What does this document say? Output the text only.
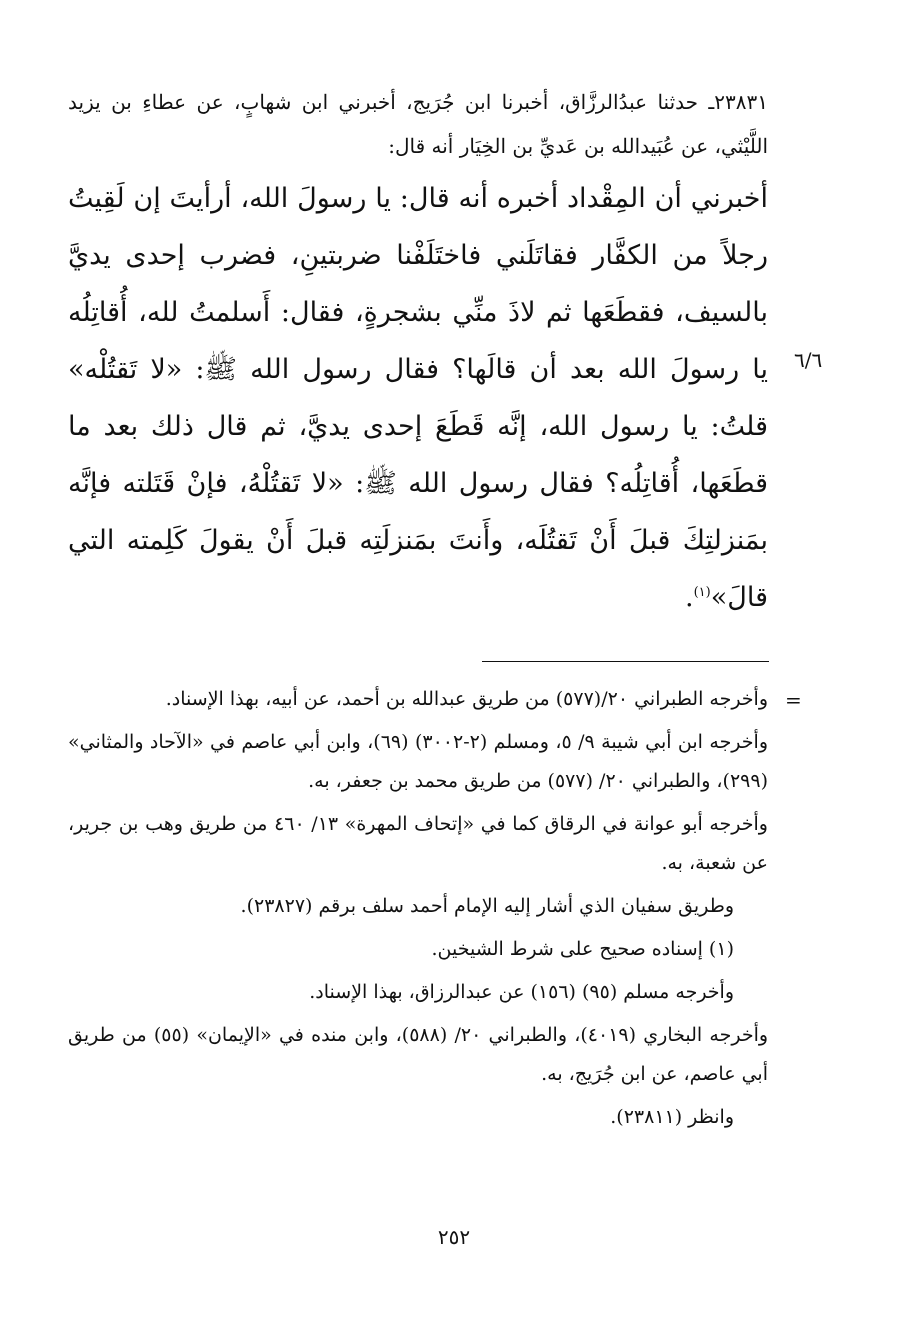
٢٣٨٣١ـ حدثنا عبدُالرزَّاق، أخبرنا ابن جُرَيج، أخبرني ابن شهابٍ، عن عطاءِ بن يزيد اللَّيْثي، عن عُبَيدالله بن عَديِّ بن الخِيَار أنه قال:
أخبرني أن المِقْداد أخبره أنه قال: يا رسولَ الله، أرأيتَ إن لَقِيتُ رجلاً من الكفَّار فقاتَلَني فاختَلَفْنا ضربتينِ، فضرب إحدى يديَّ بالسيف، فقطَعَها ثم لاذَ منِّي بشجرةٍ، فقال: أَسلمتُ لله، أُقاتِلُه يا رسولَ الله بعد أن قالَها؟ فقال رسول الله ﷺ: «لا تَقتُلْه» قلتُ: يا رسول الله، إنَّه قَطَعَ إحدى يديَّ، ثم قال ذلك بعد ما قطَعَها، أُقاتِلُه؟ فقال رسول الله ﷺ: «لا تَقتُلْهُ، فإنْ قَتَلته فإنَّه بمَنزلتِكَ قبلَ أَنْ تَقتُلَه، وأَنتَ بمَنزلَتِه قبلَ أَنْ يقولَ كَلِمته التي قالَ»$^{(١)}$.
٦/٦
=

وأخرجه الطبراني ٢٠/(٥٧٧) من طريق عبدالله بن أحمد، عن أبيه، بهذا الإسناد.

وأخرجه ابن أبي شيبة ٩/ ٥، ومسلم (٢-٣٠٠٢) (٦٩)، وابن أبي عاصم في «الآحاد والمثاني» (٢٩٩)، والطبراني ٢٠/ (٥٧٧) من طريق محمد بن جعفر، به.

وأخرجه أبو عوانة في الرقاق كما في «إتحاف المهرة» ١٣/ ٤٦٠ من طريق وهب بن جرير، عن شعبة، به.

وطريق سفيان الذي أشار إليه الإمام أحمد سلف برقم (٢٣٨٢٧).

(١) إسناده صحيح على شرط الشيخين.

وأخرجه مسلم (٩٥) (١٥٦) عن عبدالرزاق، بهذا الإسناد.

وأخرجه البخاري (٤٠١٩)، والطبراني ٢٠/ (٥٨٨)، وابن منده في «الإيمان» (٥٥) من طريق أبي عاصم، عن ابن جُرَيج، به.

وانظر (٢٣٨١١).

٢٥٢
